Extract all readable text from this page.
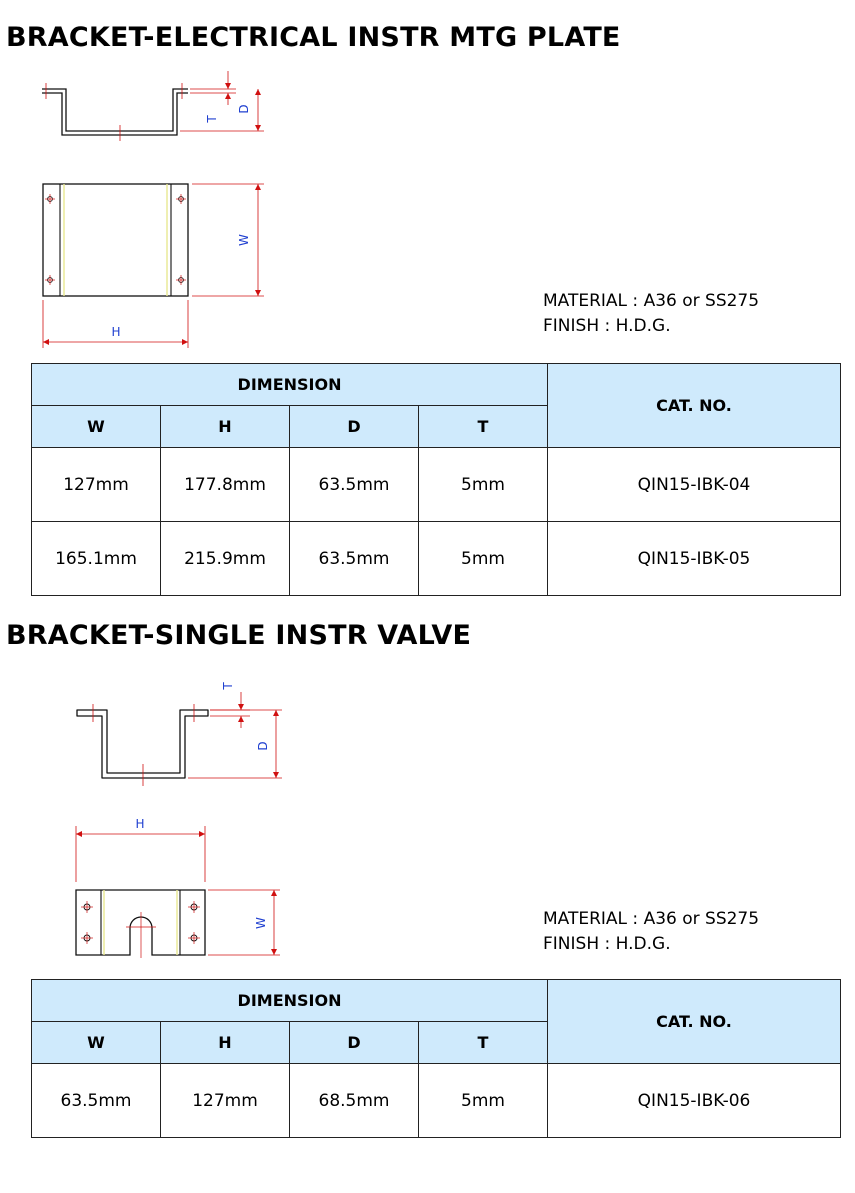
BRACKET-ELECTRICAL INSTR MTG PLATE
T
D
W
H
MATERIAL : A36 or SS275
FINISH : H.D.G.
DIMENSION				CAT. NO.
W	H	D	T	
127mm	177.8mm	63.5mm	5mm	QIN15-IBK-04
165.1mm	215.9mm	63.5mm	5mm	QIN15-IBK-05
BRACKET-SINGLE INSTR VALVE
T
D
H
W	MATERIAL : A36 or SS275
FINISH : H.D.G.
DIMENSION				CAT. NO.
W	H	D	T	
63.5mm	127mm	68.5mm	5mm	QIN15-IBK-06
